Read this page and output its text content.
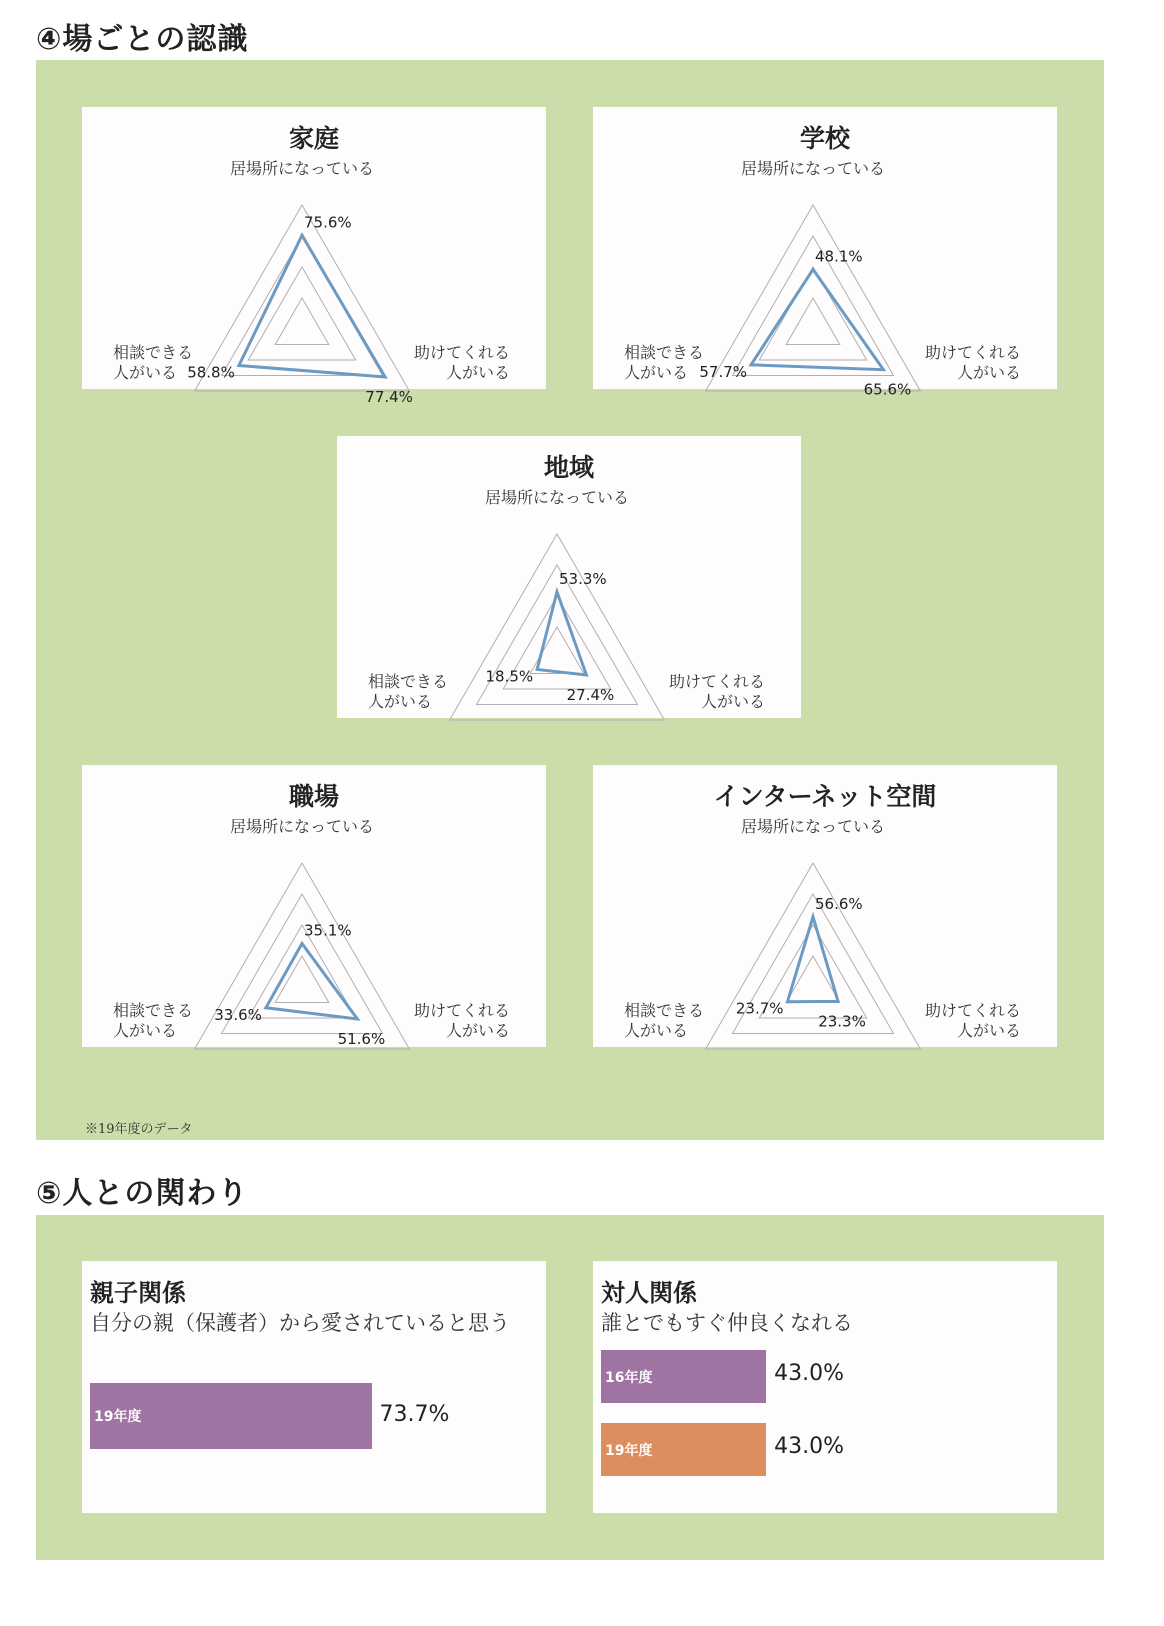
④場ごとの認識
家庭
75.6%
77.4%
58.8%
居場所になっている
相談できる
人がいる
助けてくれる
人がいる
学校
48.1%
65.6%
57.7%
居場所になっている
相談できる
人がいる
助けてくれる
人がいる
地域
53.3%
27.4%
18.5%
居場所になっている
相談できる
人がいる
助けてくれる
人がいる
職場
35.1%
51.6%
33.6%
居場所になっている
相談できる
人がいる
助けてくれる
人がいる
インターネット空間
56.6%
23.3%
23.7%
居場所になっている
相談できる
人がいる
助けてくれる
人がいる
※19年度のデータ
⑤人との関わり
親子関係
自分の親（保護者）から愛されていると思う
19年度	73.7%
対人関係
誰とでもすぐ仲良くなれる
16年度	43.0%
19年度	43.0%
